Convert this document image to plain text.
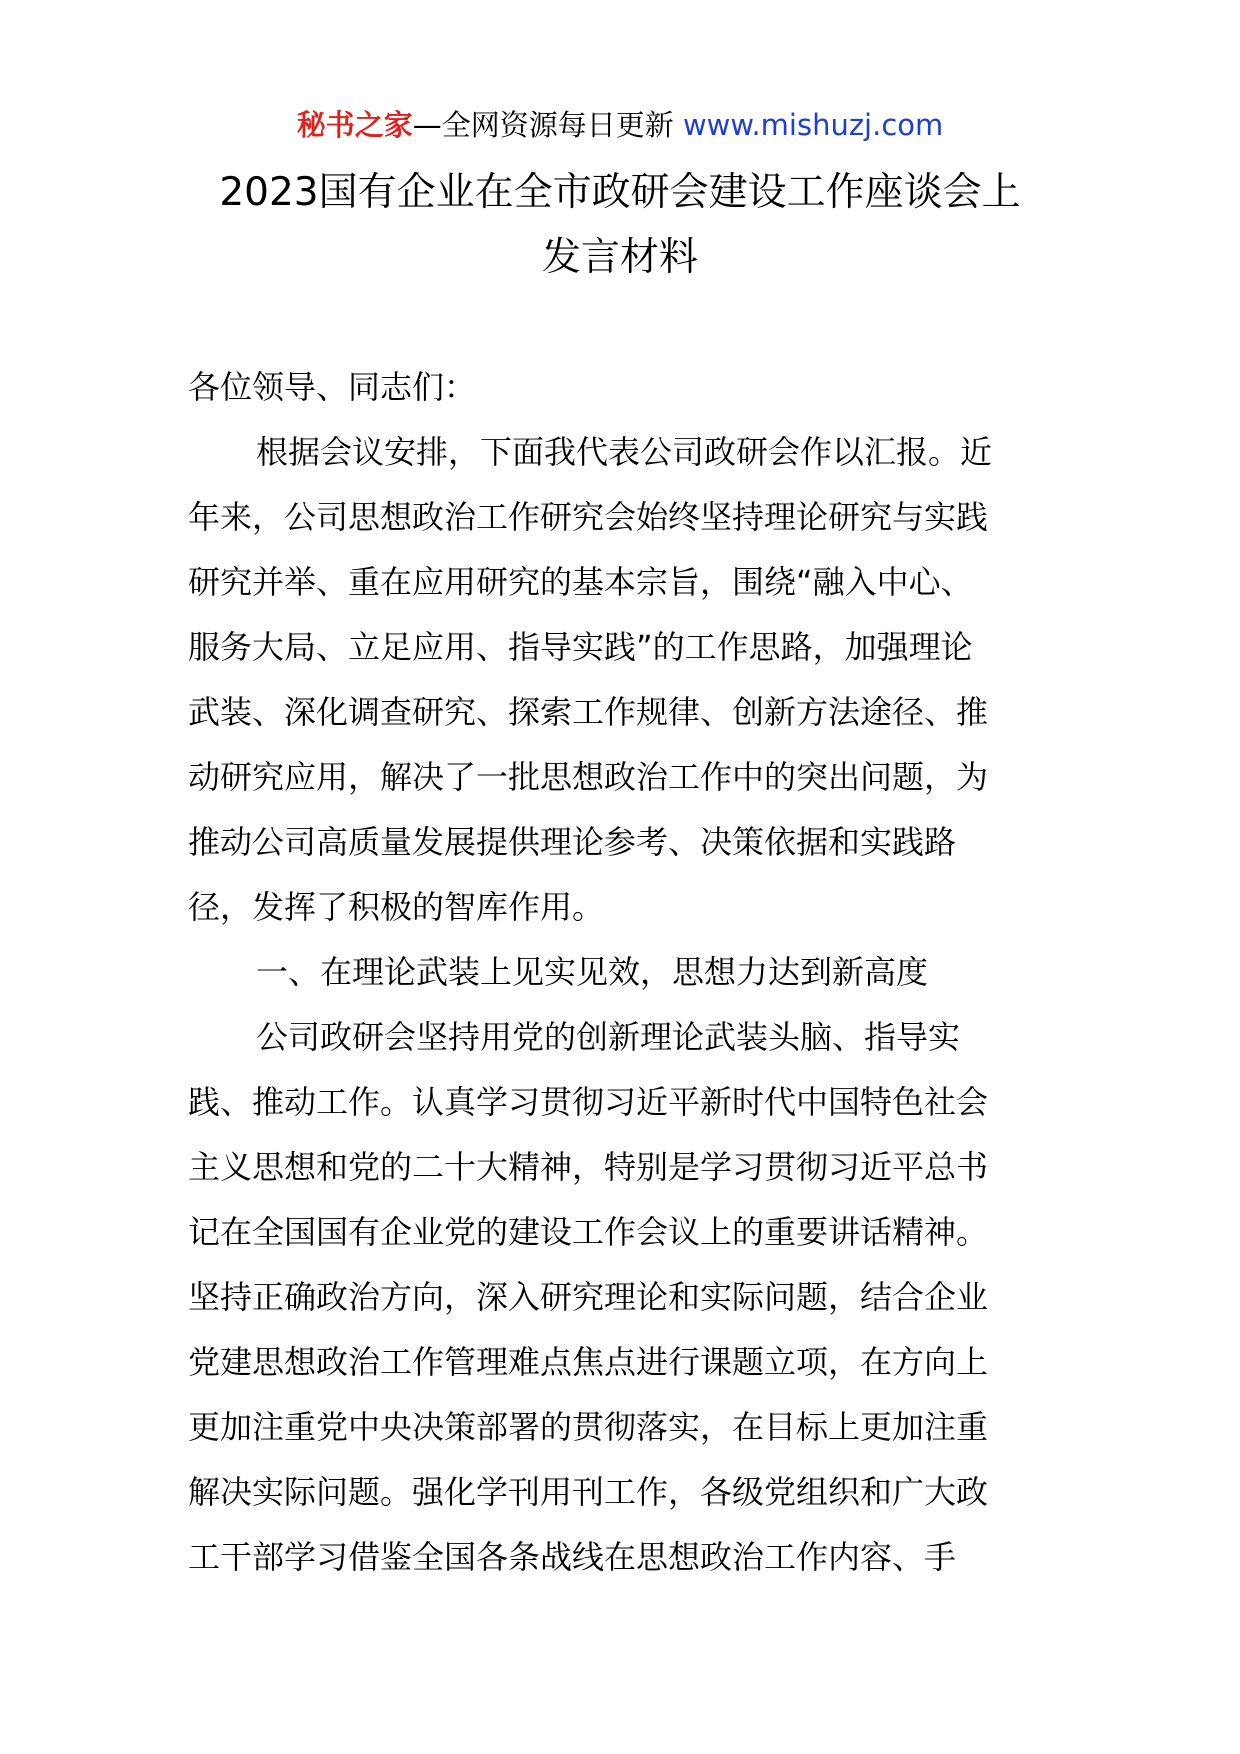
秘书之家—全网资源每日更新 www.mishuzj.com
2023国有企业在全市政研会建设工作座谈会上
发言材料
各位领导、同志们：
根据会议安排，下面我代表公司政研会作以汇报。近
年来，公司思想政治工作研究会始终坚持理论研究与实践
研究并举、重在应用研究的基本宗旨，围绕“融入中心、
服务大局、立足应用、指导实践”的工作思路，加强理论
武装、深化调查研究、探索工作规律、创新方法途径、推
动研究应用，解决了一批思想政治工作中的突出问题，为
推动公司高质量发展提供理论参考、决策依据和实践路
径，发挥了积极的智库作用。
一、在理论武装上见实见效，思想力达到新高度
公司政研会坚持用党的创新理论武装头脑、指导实
践、推动工作。认真学习贯彻习近平新时代中国特色社会
主义思想和党的二十大精神，特别是学习贯彻习近平总书
记在全国国有企业党的建设工作会议上的重要讲话精神。
坚持正确政治方向，深入研究理论和实际问题，结合企业
党建思想政治工作管理难点焦点进行课题立项，在方向上
更加注重党中央决策部署的贯彻落实，在目标上更加注重
解决实际问题。强化学刊用刊工作，各级党组织和广大政
工干部学习借鉴全国各条战线在思想政治工作内容、手
